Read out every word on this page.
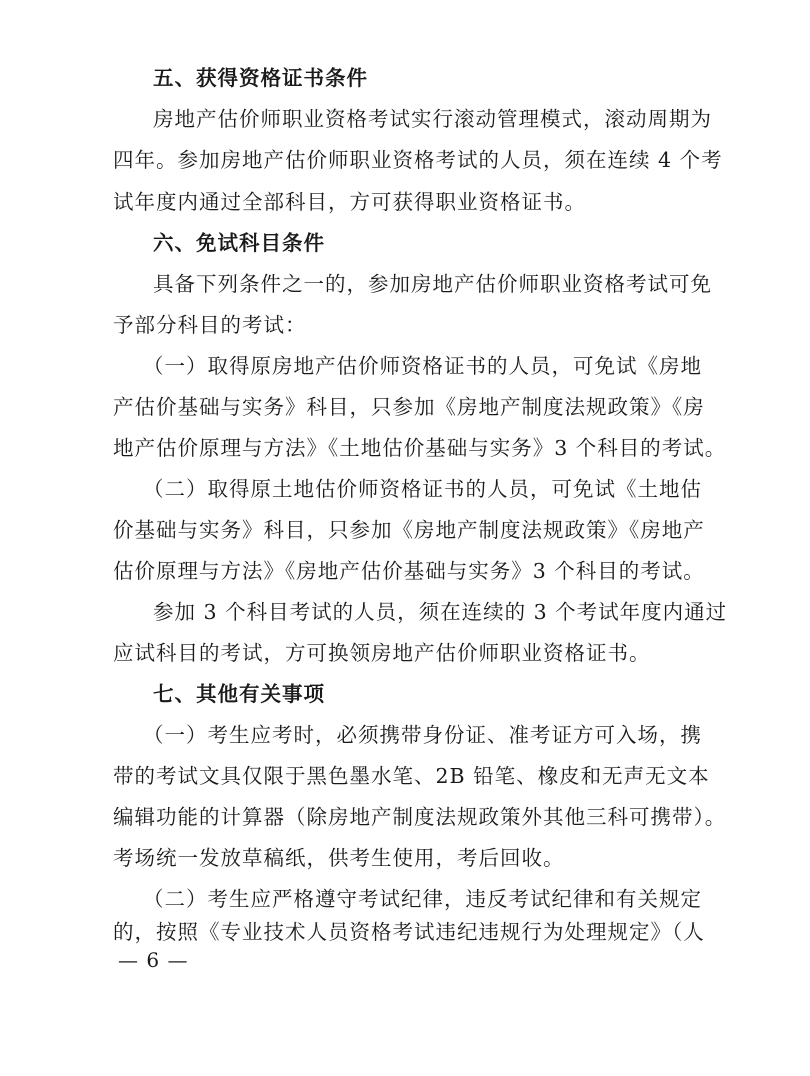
五、获得资格证书条件
房地产估价师职业资格考试实行滚动管理模式，滚动周期为
四年。参加房地产估价师职业资格考试的人员，须在连续 4 个考
试年度内通过全部科目，方可获得职业资格证书。
六、免试科目条件
具备下列条件之一的，参加房地产估价师职业资格考试可免
予部分科目的考试：
（一）取得原房地产估价师资格证书的人员，可免试《房地
产估价基础与实务》科目，只参加《房地产制度法规政策》《房
地产估价原理与方法》《土地估价基础与实务》3 个科目的考试。
（二）取得原土地估价师资格证书的人员，可免试《土地估
价基础与实务》科目，只参加《房地产制度法规政策》《房地产
估价原理与方法》《房地产估价基础与实务》3 个科目的考试。
参加 3 个科目考试的人员，须在连续的 3 个考试年度内通过
应试科目的考试，方可换领房地产估价师职业资格证书。
七、其他有关事项
（一）考生应考时，必须携带身份证、准考证方可入场，携
带的考试文具仅限于黑色墨水笔、2B 铅笔、橡皮和无声无文本
编辑功能的计算器（除房地产制度法规政策外其他三科可携带）。
考场统一发放草稿纸，供考生使用，考后回收。
（二）考生应严格遵守考试纪律，违反考试纪律和有关规定
的，按照《专业技术人员资格考试违纪违规行为处理规定》（人
— 6 —
